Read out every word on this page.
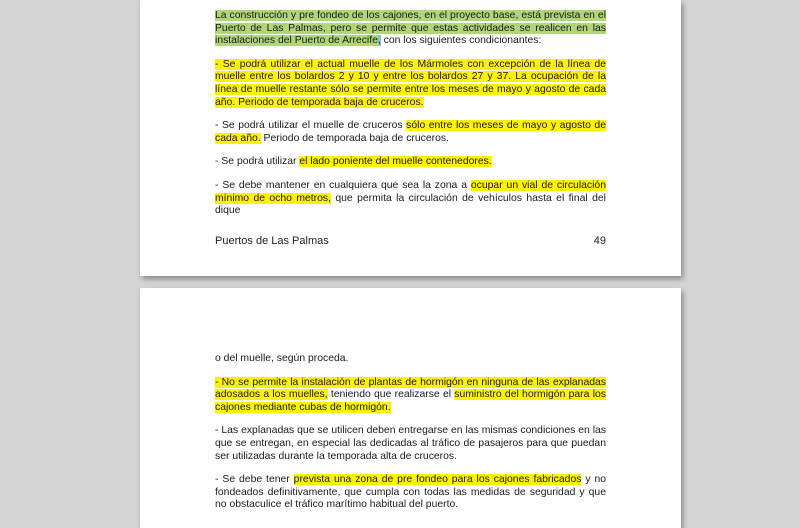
La construcción y pre fondeo de los cajones, en el proyecto base, está prevista en el Puerto de Las Palmas, pero se permite que estas actividades se realicen en las instalaciones del Puerto de Arrecife, con los siguientes condicionantes:

- Se podrá utilizar el actual muelle de los Mármoles con excepción de la línea de muelle entre los bolardos 2 y 10 y entre los bolardos 27 y 37. La ocupación de la línea de muelle restante sólo se permite entre los meses de mayo y agosto de cada año. Periodo de temporada baja de cruceros.

- Se podrá utilizar el muelle de cruceros sólo entre los meses de mayo y agosto de cada año. Periodo de temporada baja de cruceros.

- Se podrá utilizar el lado poniente del muelle contenedores.

- Se debe mantener en cualquiera que sea la zona a ocupar un vial de circulación mínimo de ocho metros, que permita la circulación de vehículos hasta el final del dique

Puertos de Las Palmas	49

o del muelle, según proceda.

- No se permite la instalación de plantas de hormigón en ninguna de las explanadas adosados a los muelles, teniendo que realizarse el suministro del hormigón para los cajones mediante cubas de hormigón.

- Las explanadas que se utilicen deben entregarse en las mismas condiciones en las que se entregan, en especial las dedicadas al tráfico de pasajeros para que puedan ser utilizadas durante la temporada alta de cruceros.

- Se debe tener prevista una zona de pre fondeo para los cajones fabricados y no fondeados definitivamente, que cumpla con todas las medidas de seguridad y que no obstaculice el tráfico marítimo habitual del puerto.
